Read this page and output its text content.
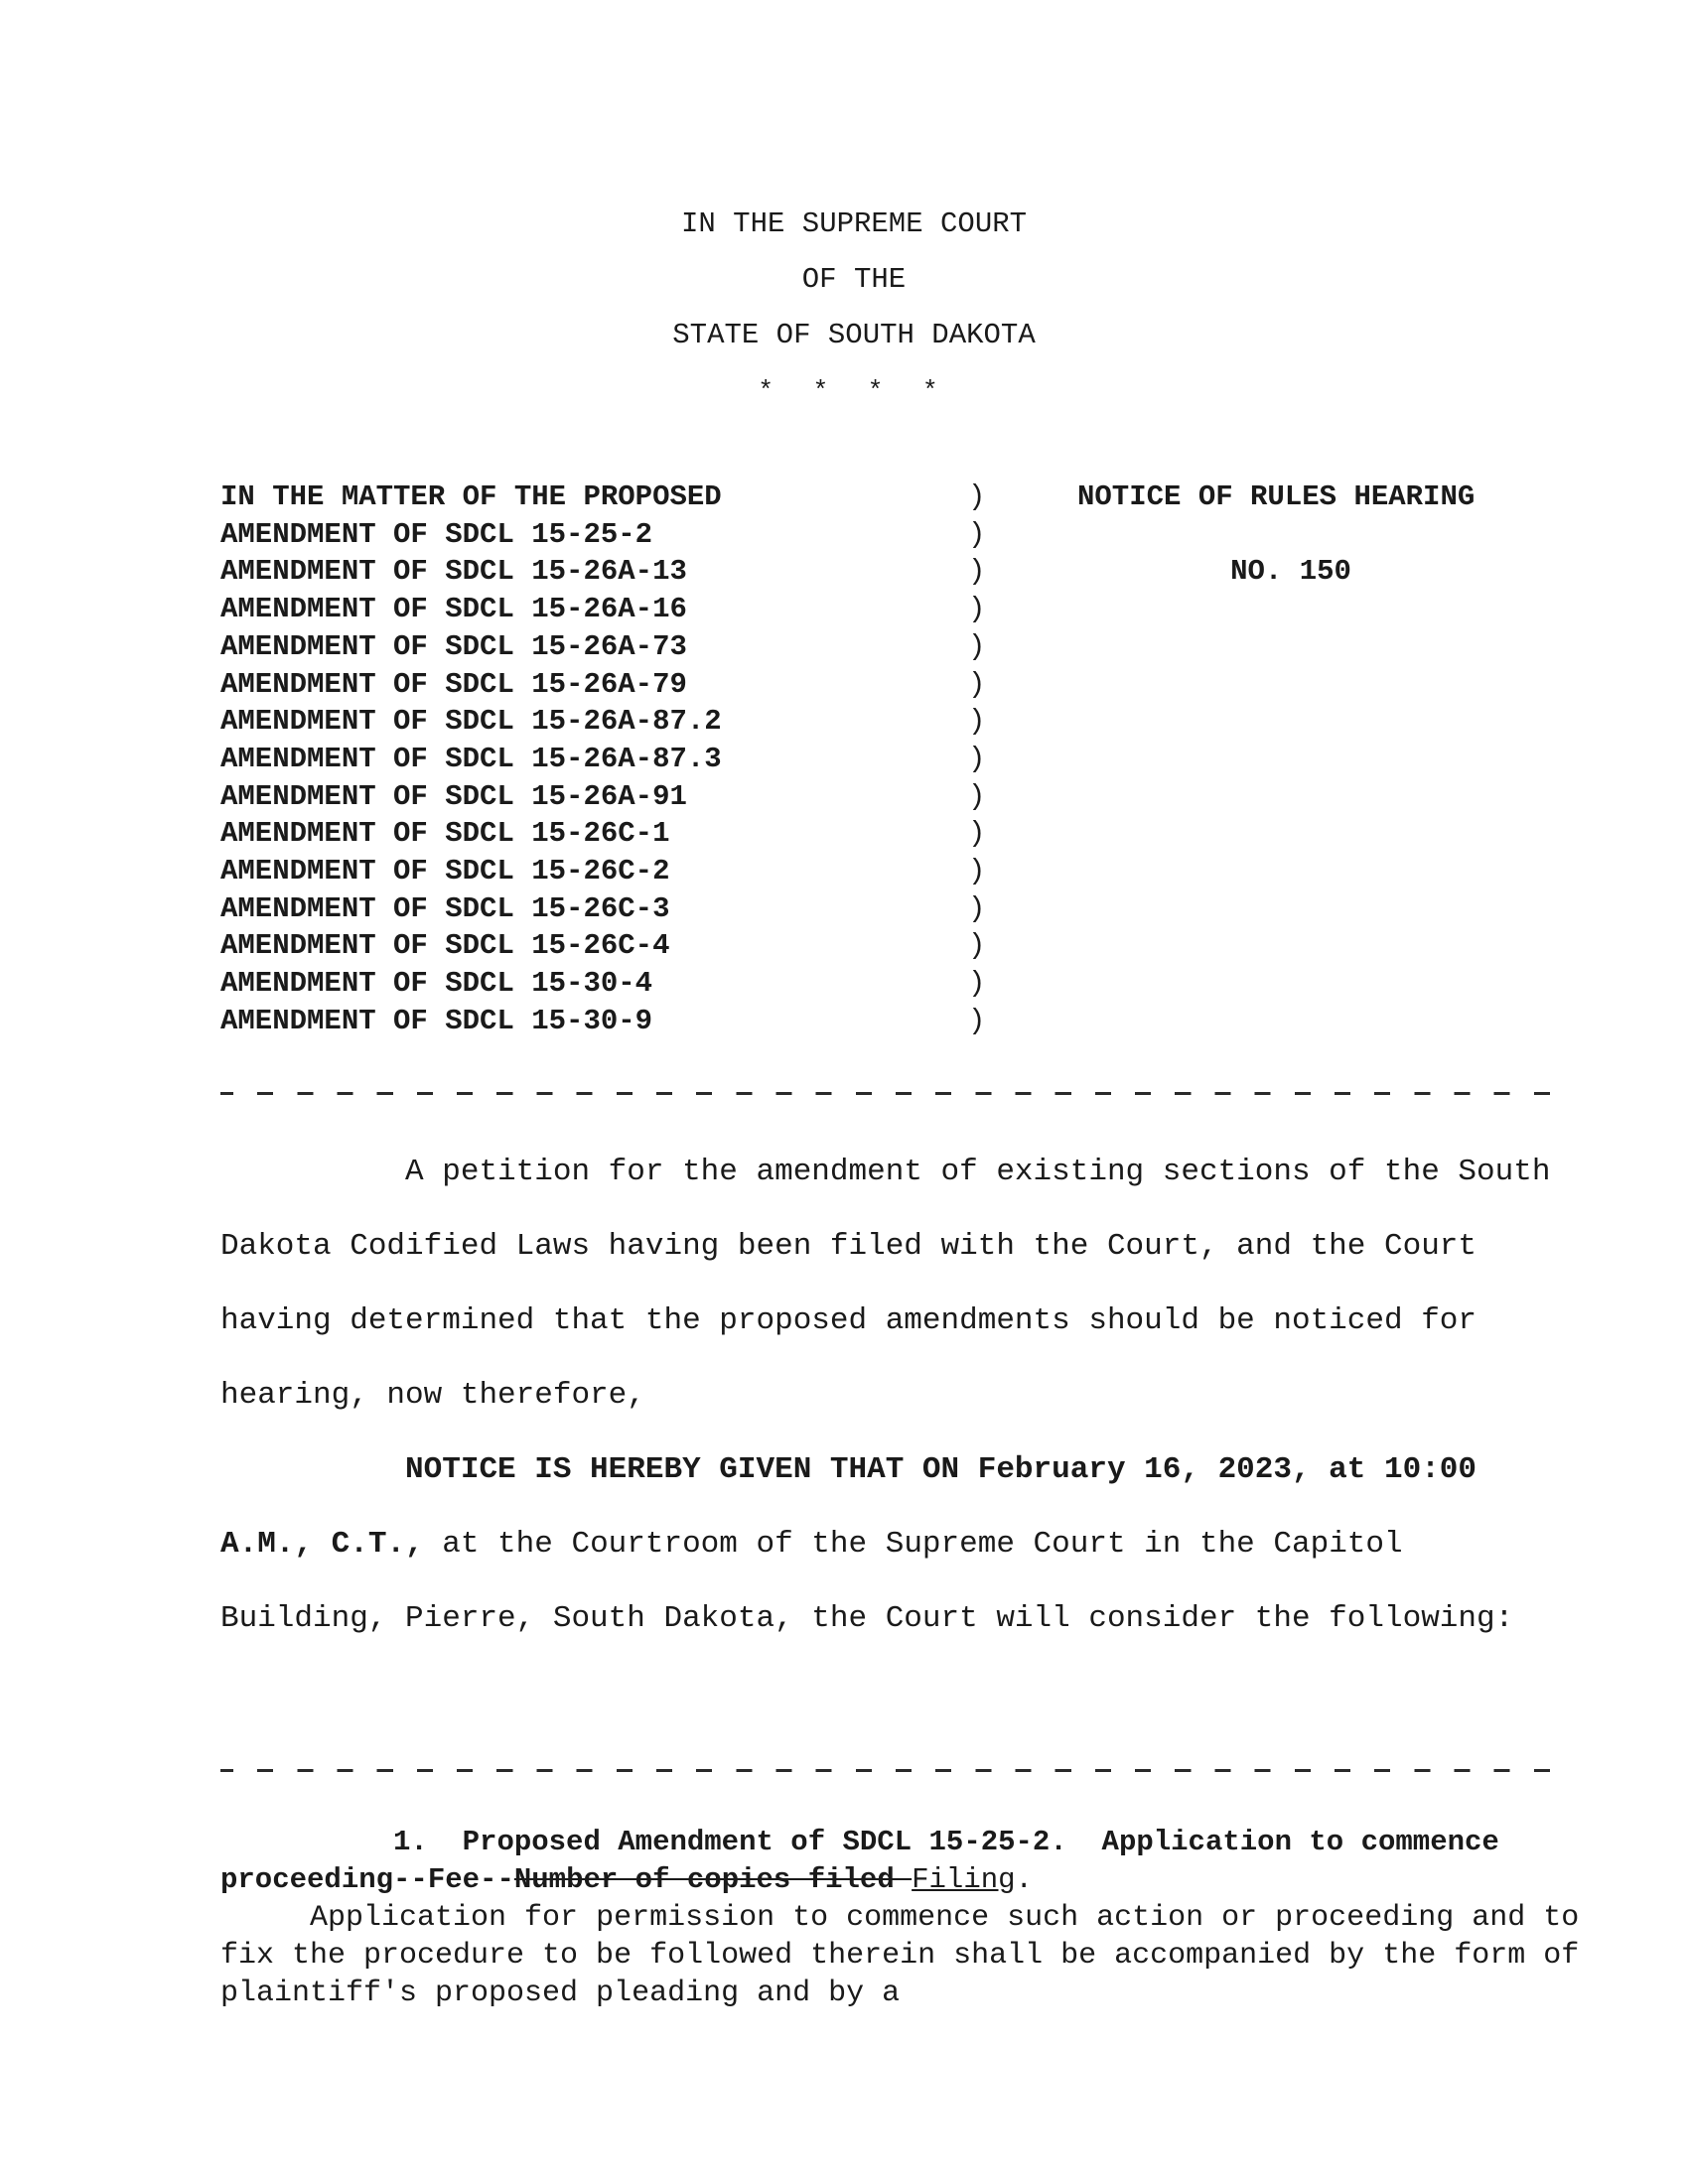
IN THE SUPREME COURT
OF THE
STATE OF SOUTH DAKOTA
* * * *
IN THE MATTER OF THE PROPOSED
AMENDMENT OF SDCL 15-25-2
AMENDMENT OF SDCL 15-26A-13
AMENDMENT OF SDCL 15-26A-16
AMENDMENT OF SDCL 15-26A-73
AMENDMENT OF SDCL 15-26A-79
AMENDMENT OF SDCL 15-26A-87.2
AMENDMENT OF SDCL 15-26A-87.3
AMENDMENT OF SDCL 15-26A-91
AMENDMENT OF SDCL 15-26C-1
AMENDMENT OF SDCL 15-26C-2
AMENDMENT OF SDCL 15-26C-3
AMENDMENT OF SDCL 15-26C-4
AMENDMENT OF SDCL 15-30-4
AMENDMENT OF SDCL 15-30-9
)
)
)
)
)
)
)
)
)
)
)
)
)
)
)
NOTICE OF RULES HEARING
NO. 150
A petition for the amendment of existing sections of the South Dakota Codified Laws having been filed with the Court, and the Court having determined that the proposed amendments should be noticed for hearing, now therefore,
NOTICE IS HEREBY GIVEN THAT ON February 16, 2023, at 10:00 A.M., C.T., at the Courtroom of the Supreme Court in the Capitol Building, Pierre, South Dakota, the Court will consider the following:
1.  Proposed Amendment of SDCL 15-25-2.  Application to commence proceeding--Fee--Number of copies filed Filing.
Application for permission to commence such action or proceeding and to fix the procedure to be followed therein shall be accompanied by the form of plaintiff's proposed pleading and by a
